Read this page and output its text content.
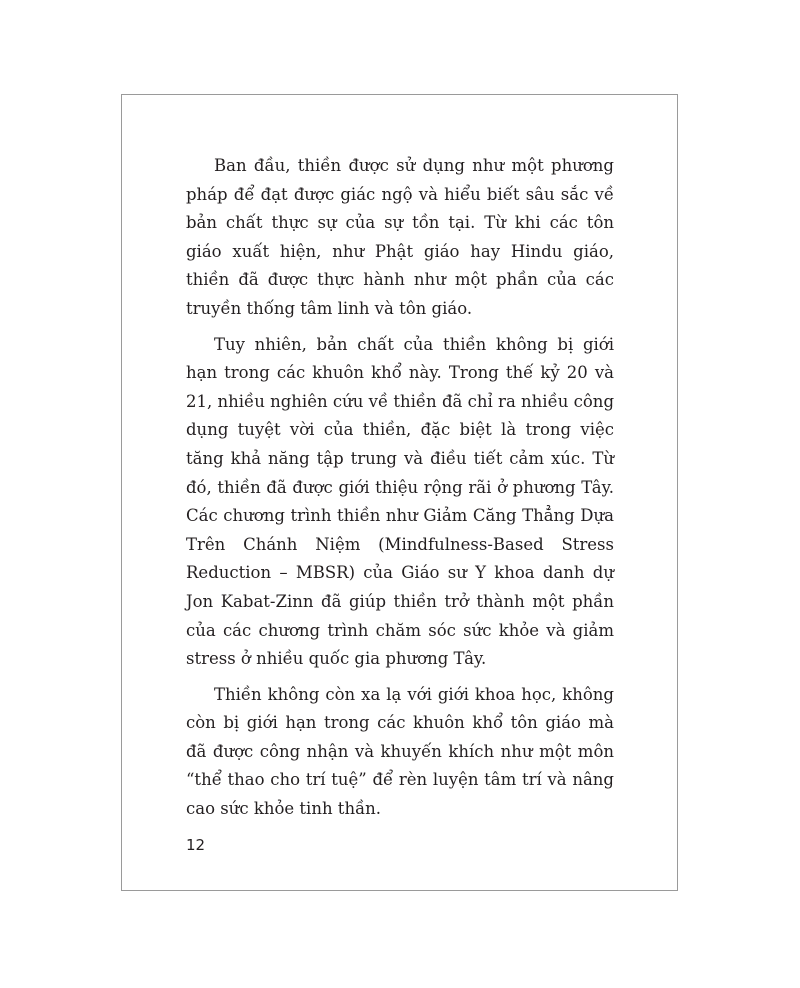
Ban đầu, thiền được sử dụng như một phương pháp để đạt được giác ngộ và hiểu biết sâu sắc về bản chất thực sự của sự tồn tại. Từ khi các tôn giáo xuất hiện, như Phật giáo hay Hindu giáo, thiền đã được thực hành như một phần của các truyền thống tâm linh và tôn giáo.

Tuy nhiên, bản chất của thiền không bị giới hạn trong các khuôn khổ này. Trong thế kỷ 20 và 21, nhiều nghiên cứu về thiền đã chỉ ra nhiều công dụng tuyệt vời của thiền, đặc biệt là trong việc tăng khả năng tập trung và điều tiết cảm xúc. Từ đó, thiền đã được giới thiệu rộng rãi ở phương Tây. Các chương trình thiền như Giảm Căng Thẳng Dựa Trên Chánh Niệm (Mindfulness-Based Stress Reduction – MBSR) của Giáo sư Y khoa danh dự Jon Kabat-Zinn đã giúp thiền trở thành một phần của các chương trình chăm sóc sức khỏe và giảm stress ở nhiều quốc gia phương Tây.

Thiền không còn xa lạ với giới khoa học, không còn bị giới hạn trong các khuôn khổ tôn giáo mà đã được công nhận và khuyến khích như một môn “thể thao cho trí tuệ” để rèn luyện tâm trí và nâng cao sức khỏe tinh thần.

12
